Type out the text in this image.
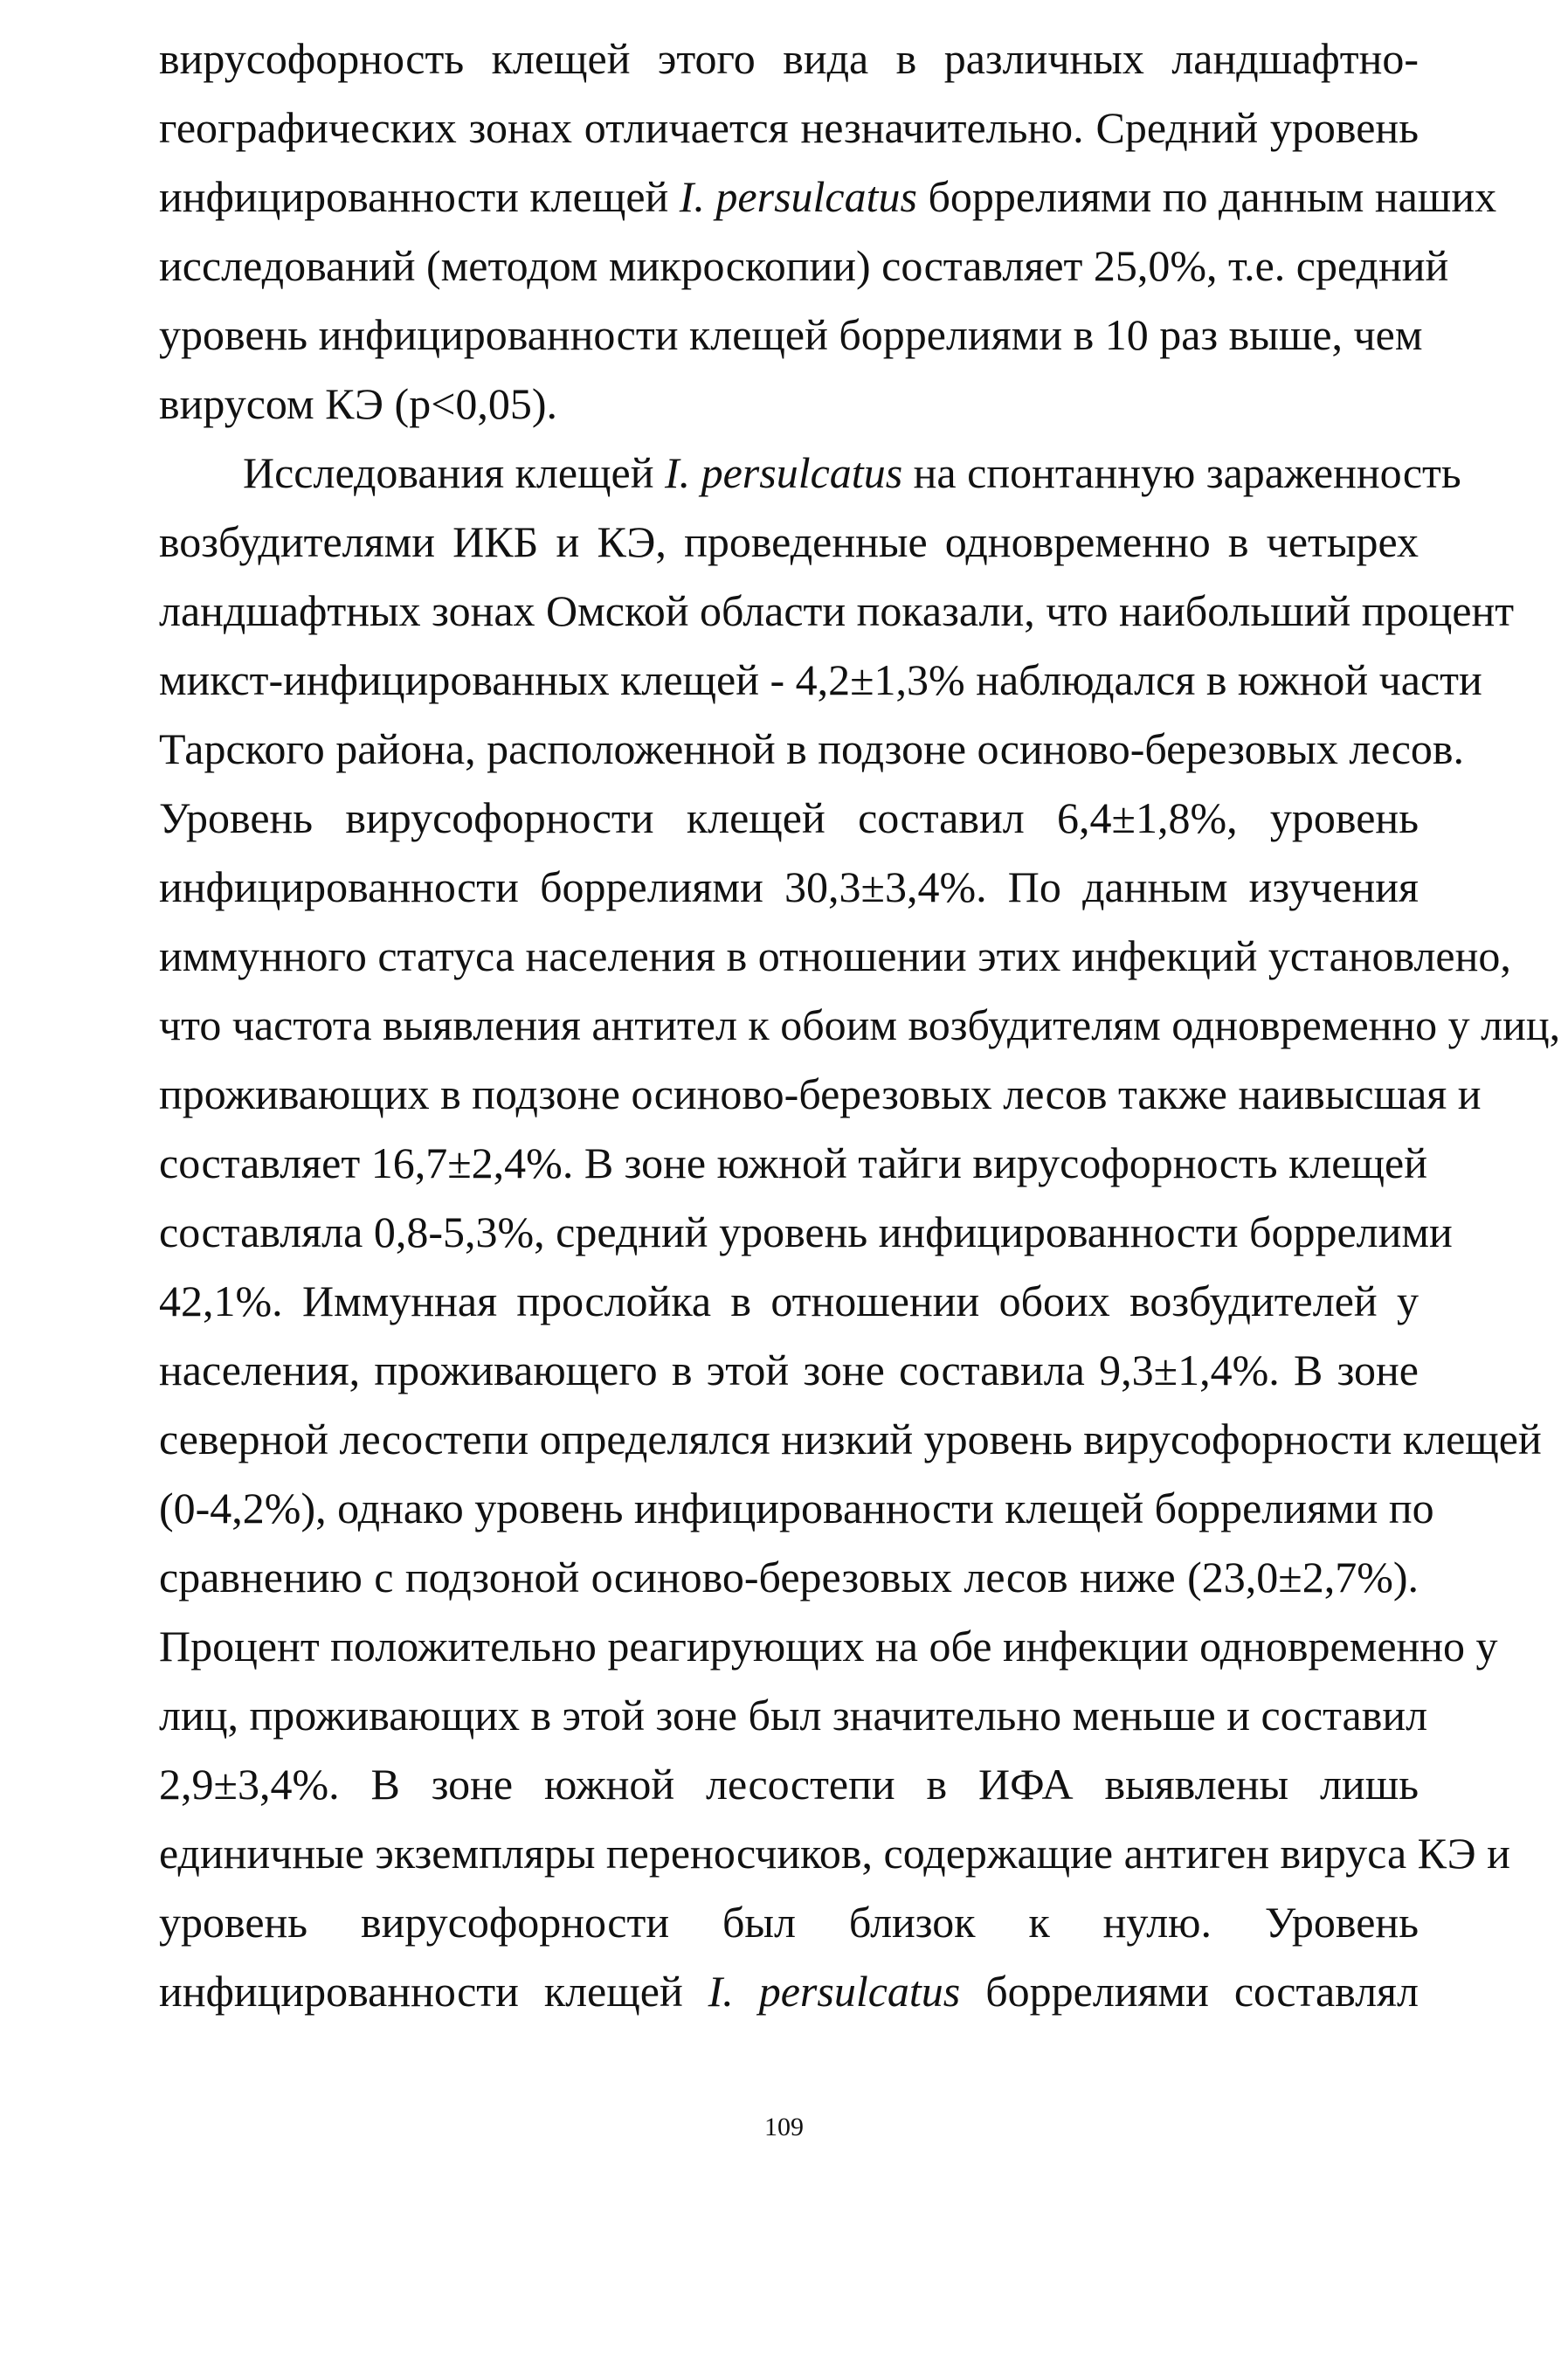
вирусофорность клещей этого вида в различных ландшафтно-
географических зонах отличается незначительно. Средний уровень
инфицированности клещей I. persulcatus боррелиями по данным наших
исследований (методом микроскопии) составляет 25,0%, т.е. средний
уровень инфицированности клещей боррелиями в 10 раз выше, чем
вирусом КЭ (р<0,05).
Исследования клещей I. persulcatus на спонтанную зараженность
возбудителями ИКБ и КЭ, проведенные одновременно в четырех
ландшафтных зонах Омской области показали, что наибольший процент
микст-инфицированных клещей - 4,2±1,3% наблюдался в южной части
Тарского района, расположенной в подзоне осиново-березовых лесов.
Уровень вирусофорности клещей составил 6,4±1,8%, уровень
инфицированности боррелиями 30,3±3,4%. По данным изучения
иммунного статуса населения в отношении этих инфекций установлено,
что частота выявления антител к обоим возбудителям одновременно у лиц,
проживающих в подзоне осиново-березовых лесов также наивысшая и
составляет 16,7±2,4%. В зоне южной тайги вирусофорность клещей
составляла 0,8-5,3%, средний уровень инфицированности боррелими
42,1%. Иммунная прослойка в отношении обоих возбудителей у
населения, проживающего в этой зоне составила 9,3±1,4%. В зоне
северной лесостепи определялся низкий уровень вирусофорности клещей
(0-4,2%), однако уровень инфицированности клещей боррелиями по
сравнению с подзоной осиново-березовых лесов ниже (23,0±2,7%).
Процент положительно реагирующих на обе инфекции одновременно у
лиц, проживающих в этой зоне был значительно меньше и составил
2,9±3,4%. В зоне южной лесостепи в ИФА выявлены лишь
единичные экземпляры переносчиков, содержащие антиген вируса КЭ и
уровень вирусофорности был близок к нулю. Уровень
инфицированности клещей I. persulcatus боррелиями составлял
109
